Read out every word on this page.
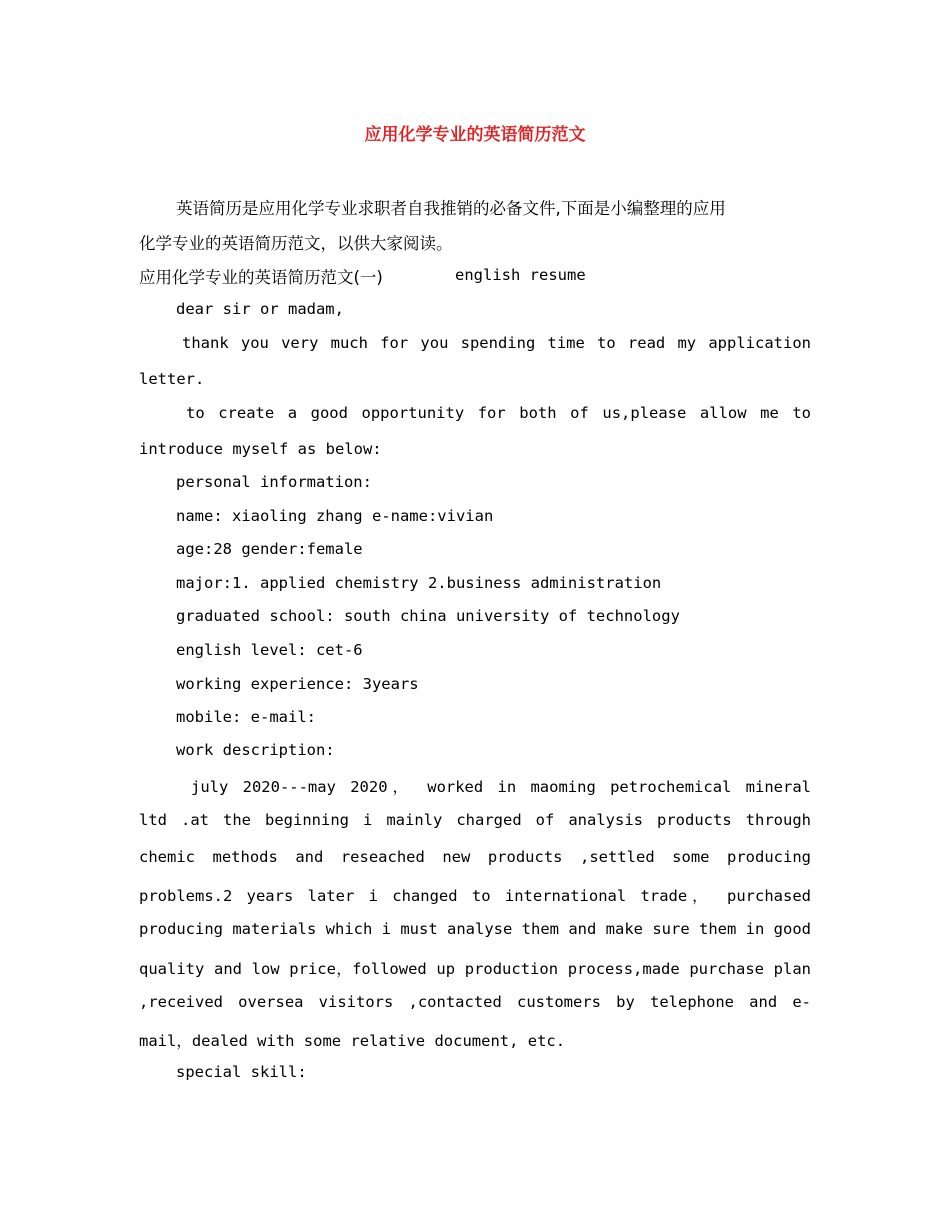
应用化学专业的英语简历范文
英语简历是应用化学专业求职者自我推销的必备文件,下面是小编整理的应用
化学专业的英语简历范文，以供大家阅读。
应用化学专业的英语简历范文(一)	english resume
dear sir or madam,
thank you very much for you spending time to read my application
letter.
to create a good opportunity for both of us,please allow me to
introduce myself as below:
personal information:
name: xiaoling zhang e-name:vivian
age:28 gender:female
major:1. applied chemistry 2.business administration
graduated school: south china university of technology
english level: cet-6
working experience: 3years
mobile: e-mail:
work description:
july 2020---may 2020， worked in maoming petrochemical mineral
ltd .at the beginning i mainly charged of analysis products through
chemic methods and reseached new products ,settled some producing
problems.2 years later i changed to international trade， purchased
producing materials which i must analyse them and make sure them in good
quality and low price，followed up production process,made purchase plan
,received oversea visitors ,contacted customers by telephone and e-
mail，dealed with some relative document, etc.
special skill:
